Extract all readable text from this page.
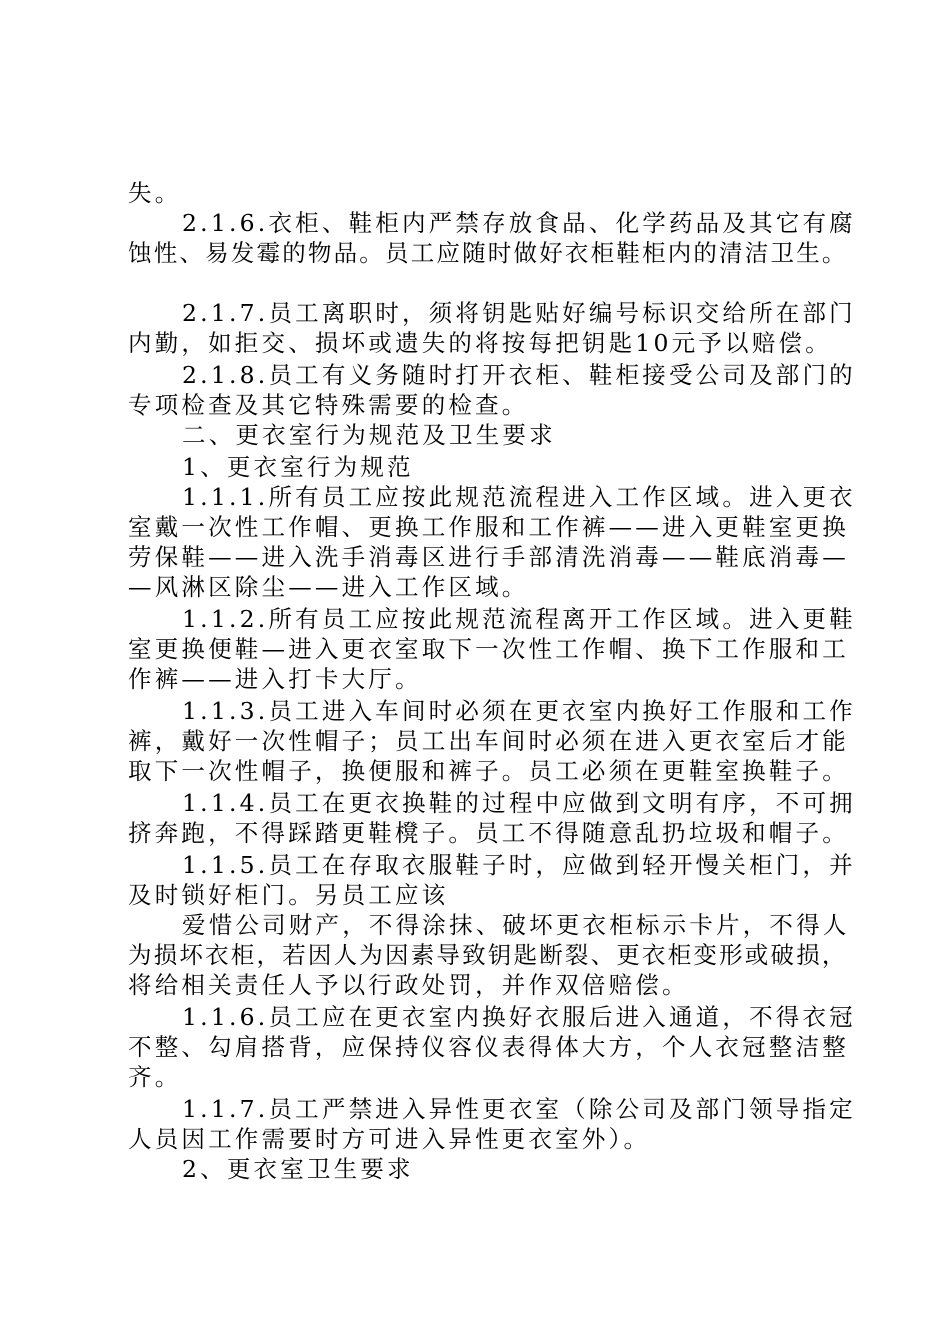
失。
2.1.6.衣柜、鞋柜内严禁存放食品、化学药品及其它有腐
蚀性、易发霉的物品。员工应随时做好衣柜鞋柜内的清洁卫生。
2.1.7.员工离职时，须将钥匙贴好编号标识交给所在部门
内勤，如拒交、损坏或遗失的将按每把钥匙10元予以赔偿。
2.1.8.员工有义务随时打开衣柜、鞋柜接受公司及部门的
专项检查及其它特殊需要的检查。
二、更衣室行为规范及卫生要求
1、更衣室行为规范
1.1.1.所有员工应按此规范流程进入工作区域。进入更衣
室戴一次性工作帽、更换工作服和工作裤——进入更鞋室更换
劳保鞋——进入洗手消毒区进行手部清洗消毒——鞋底消毒—
—风淋区除尘——进入工作区域。
1.1.2.所有员工应按此规范流程离开工作区域。进入更鞋
室更换便鞋—进入更衣室取下一次性工作帽、换下工作服和工
作裤——进入打卡大厅。
1.1.3.员工进入车间时必须在更衣室内换好工作服和工作
裤，戴好一次性帽子；员工出车间时必须在进入更衣室后才能
取下一次性帽子，换便服和裤子。员工必须在更鞋室换鞋子。
1.1.4.员工在更衣换鞋的过程中应做到文明有序，不可拥
挤奔跑，不得踩踏更鞋櫈子。员工不得随意乱扔垃圾和帽子。
1.1.5.员工在存取衣服鞋子时，应做到轻开慢关柜门，并
及时锁好柜门。另员工应该
爱惜公司财产，不得涂抹、破坏更衣柜标示卡片，不得人
为损坏衣柜，若因人为因素导致钥匙断裂、更衣柜变形或破损，
将给相关责任人予以行政处罚，并作双倍赔偿。
1.1.6.员工应在更衣室内换好衣服后进入通道，不得衣冠
不整、勾肩搭背，应保持仪容仪表得体大方，个人衣冠整洁整
齐。
1.1.7.员工严禁进入异性更衣室（除公司及部门领导指定
人员因工作需要时方可进入异性更衣室外）。
2、更衣室卫生要求
